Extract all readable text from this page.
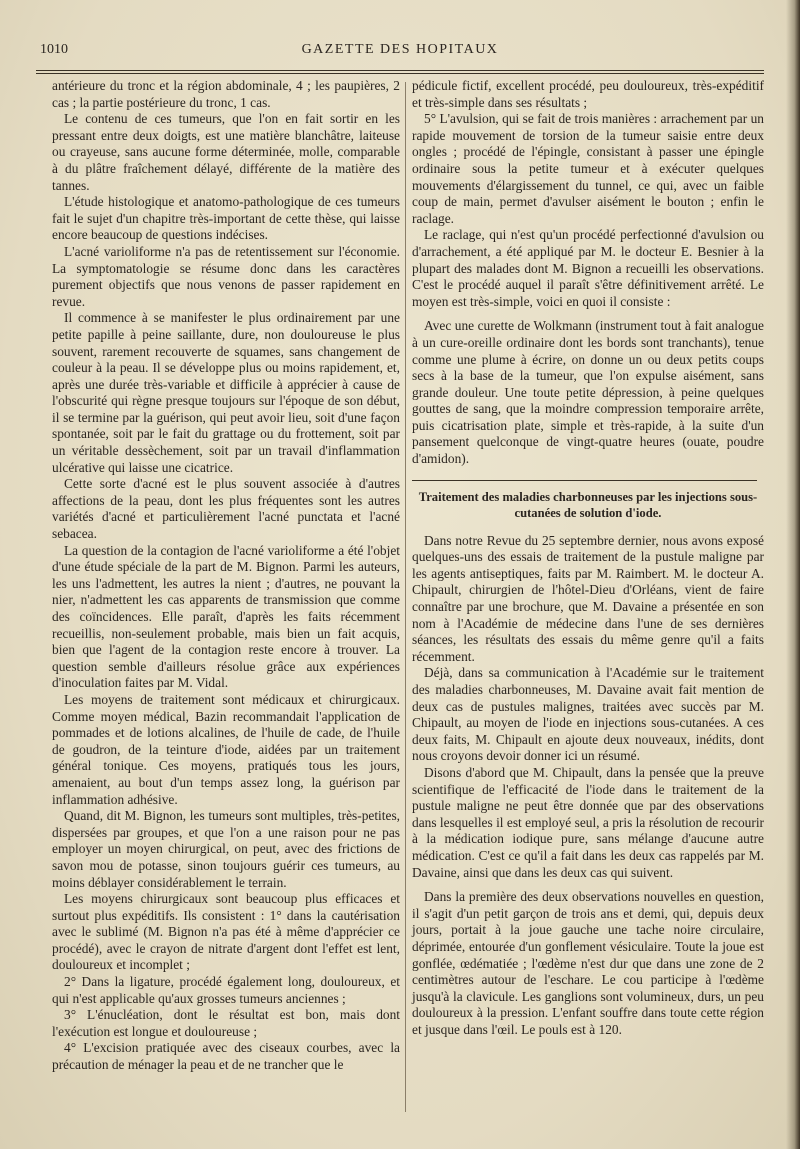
1010	GAZETTE DES HOPITAUX

antérieure du tronc et la région abdominale, 4 ; les paupières, 2 cas ; la partie postérieure du tronc, 1 cas.

Le contenu de ces tumeurs, que l'on en fait sortir en les pressant entre deux doigts, est une matière blanchâtre, laiteuse ou crayeuse, sans aucune forme déterminée, molle, comparable à du plâtre fraîchement délayé, différente de la matière des tannes.

L'étude histologique et anatomo-pathologique de ces tumeurs fait le sujet d'un chapitre très-important de cette thèse, qui laisse encore beaucoup de questions indécises.

L'acné varioliforme n'a pas de retentissement sur l'économie. La symptomatologie se résume donc dans les caractères purement objectifs que nous venons de passer rapidement en revue.

Il commence à se manifester le plus ordinairement par une petite papille à peine saillante, dure, non douloureuse le plus souvent, rarement recouverte de squames, sans changement de couleur à la peau. Il se développe plus ou moins rapidement, et, après une durée très-variable et difficile à apprécier à cause de l'obscurité qui règne presque toujours sur l'époque de son début, il se termine par la guérison, qui peut avoir lieu, soit d'une façon spontanée, soit par le fait du grattage ou du frottement, soit par un véritable dessèchement, soit par un travail d'inflammation ulcérative qui laisse une cicatrice.

Cette sorte d'acné est le plus souvent associée à d'autres affections de la peau, dont les plus fréquentes sont les autres variétés d'acné et particulièrement l'acné punctata et l'acné sebacea.

La question de la contagion de l'acné varioliforme a été l'objet d'une étude spéciale de la part de M. Bignon. Parmi les auteurs, les uns l'admettent, les autres la nient ; d'autres, ne pouvant la nier, n'admettent les cas apparents de transmission que comme des coïncidences. Elle paraît, d'après les faits récemment recueillis, non-seulement probable, mais bien un fait acquis, bien que l'agent de la contagion reste encore à trouver. La question semble d'ailleurs résolue grâce aux expériences d'inoculation faites par M. Vidal.

Les moyens de traitement sont médicaux et chirurgicaux. Comme moyen médical, Bazin recommandait l'application de pommades et de lotions alcalines, de l'huile de cade, de l'huile de goudron, de la teinture d'iode, aidées par un traitement général tonique. Ces moyens, pratiqués tous les jours, amenaient, au bout d'un temps assez long, la guérison par inflammation adhésive.

Quand, dit M. Bignon, les tumeurs sont multiples, très-petites, dispersées par groupes, et que l'on a une raison pour ne pas employer un moyen chirurgical, on peut, avec des frictions de savon mou de potasse, sinon toujours guérir ces tumeurs, au moins déblayer considérablement le terrain.

Les moyens chirurgicaux sont beaucoup plus efficaces et surtout plus expéditifs. Ils consistent : 1° dans la cautérisation avec le sublimé (M. Bignon n'a pas été à même d'apprécier ce procédé), avec le crayon de nitrate d'argent dont l'effet est lent, douloureux et incomplet ;

2° Dans la ligature, procédé également long, douloureux, et qui n'est applicable qu'aux grosses tumeurs anciennes ;

3° L'énucléation, dont le résultat est bon, mais dont l'exécution est longue et douloureuse ;

4° L'excision pratiquée avec des ciseaux courbes, avec la précaution de ménager la peau et de ne trancher que le

pédicule fictif, excellent procédé, peu douloureux, très-expéditif et très-simple dans ses résultats ;

5° L'avulsion, qui se fait de trois manières : arrachement par un rapide mouvement de torsion de la tumeur saisie entre deux ongles ; procédé de l'épingle, consistant à passer une épingle ordinaire sous la petite tumeur et à exécuter quelques mouvements d'élargissement du tunnel, ce qui, avec un faible coup de main, permet d'avulser aisément le bouton ; enfin le raclage.

Le raclage, qui n'est qu'un procédé perfectionné d'avulsion ou d'arrachement, a été appliqué par M. le docteur E. Besnier à la plupart des malades dont M. Bignon a recueilli les observations. C'est le procédé auquel il paraît s'être définitivement arrêté. Le moyen est très-simple, voici en quoi il consiste :

Avec une curette de Wolkmann (instrument tout à fait analogue à un cure-oreille ordinaire dont les bords sont tranchants), tenue comme une plume à écrire, on donne un ou deux petits coups secs à la base de la tumeur, que l'on expulse aisément, sans grande douleur. Une toute petite dépression, à peine quelques gouttes de sang, que la moindre compression temporaire arrête, puis cicatrisation plate, simple et très-rapide, à la suite d'un pansement quelconque de vingt-quatre heures (ouate, poudre d'amidon).

Traitement des maladies charbonneuses par les injections sous-cutanées de solution d'iode.

Dans notre Revue du 25 septembre dernier, nous avons exposé quelques-uns des essais de traitement de la pustule maligne par les agents antiseptiques, faits par M. Raimbert. M. le docteur A. Chipault, chirurgien de l'hôtel-Dieu d'Orléans, vient de faire connaître par une brochure, que M. Davaine a présentée en son nom à l'Académie de médecine dans l'une de ses dernières séances, les résultats des essais du même genre qu'il a faits récemment.

Déjà, dans sa communication à l'Académie sur le traitement des maladies charbonneuses, M. Davaine avait fait mention de deux cas de pustules malignes, traitées avec succès par M. Chipault, au moyen de l'iode en injections sous-cutanées. A ces deux faits, M. Chipault en ajoute deux nouveaux, inédits, dont nous croyons devoir donner ici un résumé.

Disons d'abord que M. Chipault, dans la pensée que la preuve scientifique de l'efficacité de l'iode dans le traitement de la pustule maligne ne peut être donnée que par des observations dans lesquelles il est employé seul, a pris la résolution de recourir à la médication iodique pure, sans mélange d'aucune autre médication. C'est ce qu'il a fait dans les deux cas rappelés par M. Davaine, ainsi que dans les deux cas qui suivent.

Dans la première des deux observations nouvelles en question, il s'agit d'un petit garçon de trois ans et demi, qui, depuis deux jours, portait à la joue gauche une tache noire circulaire, déprimée, entourée d'un gonflement vésiculaire. Toute la joue est gonflée, œdématiée ; l'œdème n'est dur que dans une zone de 2 centimètres autour de l'eschare. Le cou participe à l'œdème jusqu'à la clavicule. Les ganglions sont volumineux, durs, un peu douloureux à la pression. L'enfant souffre dans toute cette région et jusque dans l'œil. Le pouls est à 120.
